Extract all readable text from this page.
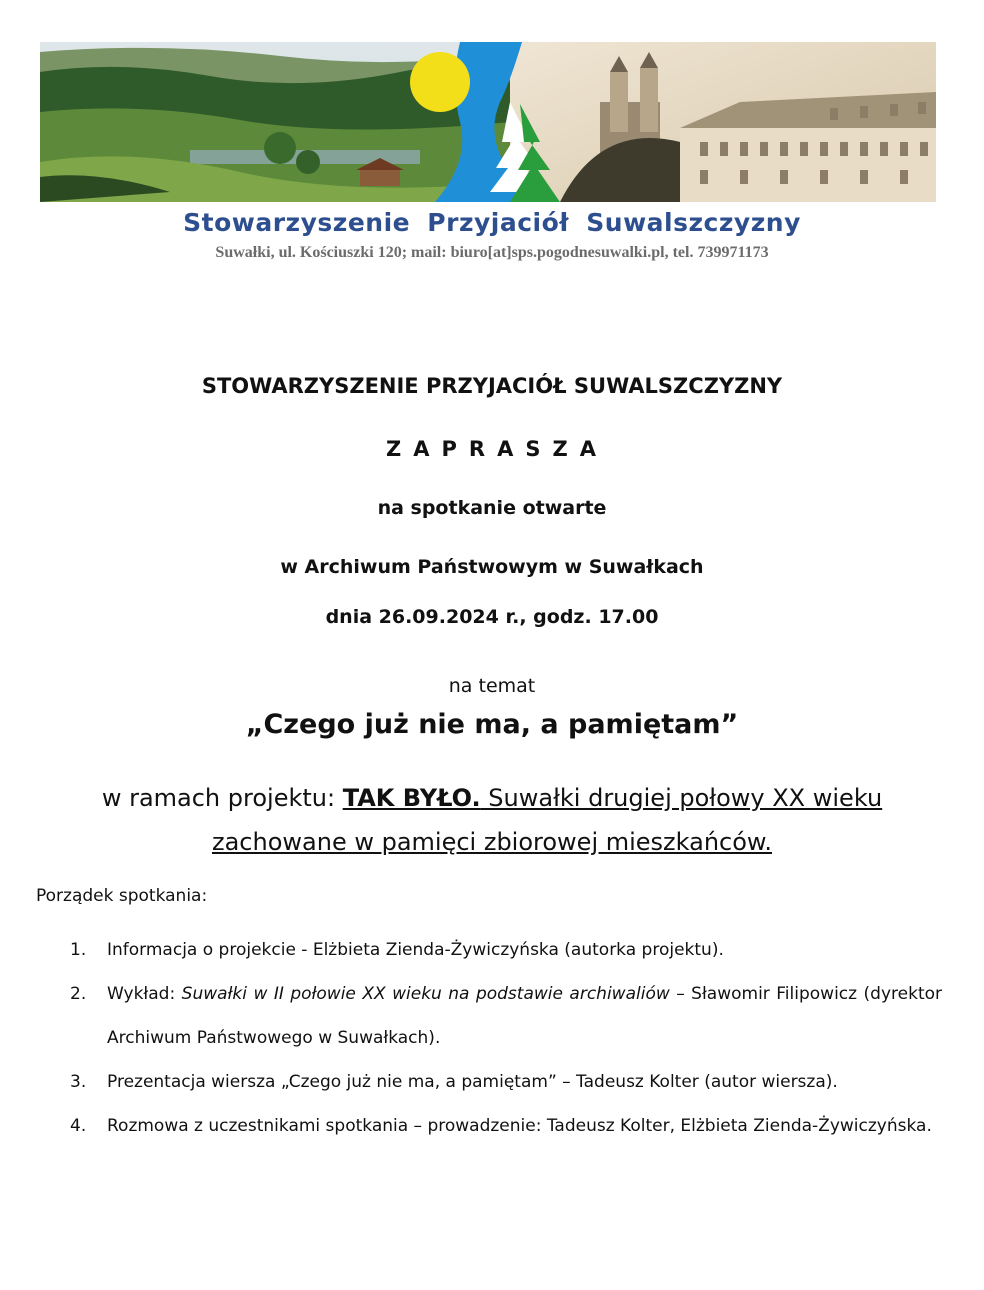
Stowarzyszenie Przyjaciół Suwalszczyzny
Suwałki, ul. Kościuszki 120; mail: biuro[at]sps.pogodnesuwalki.pl, tel. 739971173
STOWARZYSZENIE PRZYJACIÓŁ SUWALSZCZYZNY
ZAPRASZA
na spotkanie otwarte
w Archiwum Państwowym w Suwałkach
dnia 26.09.2024 r., godz. 17.00
na temat
„Czego już nie ma, a pamiętam”
w ramach projektu: TAK BYŁO. Suwałki drugiej połowy XX wieku
zachowane w pamięci zbiorowej mieszkańców.
Porządek spotkania:
1.	Informacja o projekcie - Elżbieta Zienda-Żywiczyńska (autorka projektu).
2.	Wykład: Suwałki w II połowie XX wieku na podstawie archiwaliów – Sławomir Filipowicz (dyrektor Archiwum Państwowego w Suwałkach).
3.	Prezentacja wiersza „Czego już nie ma, a pamiętam” – Tadeusz Kolter (autor wiersza).
4.	Rozmowa z uczestnikami spotkania – prowadzenie: Tadeusz Kolter, Elżbieta Zienda-Żywiczyńska.
